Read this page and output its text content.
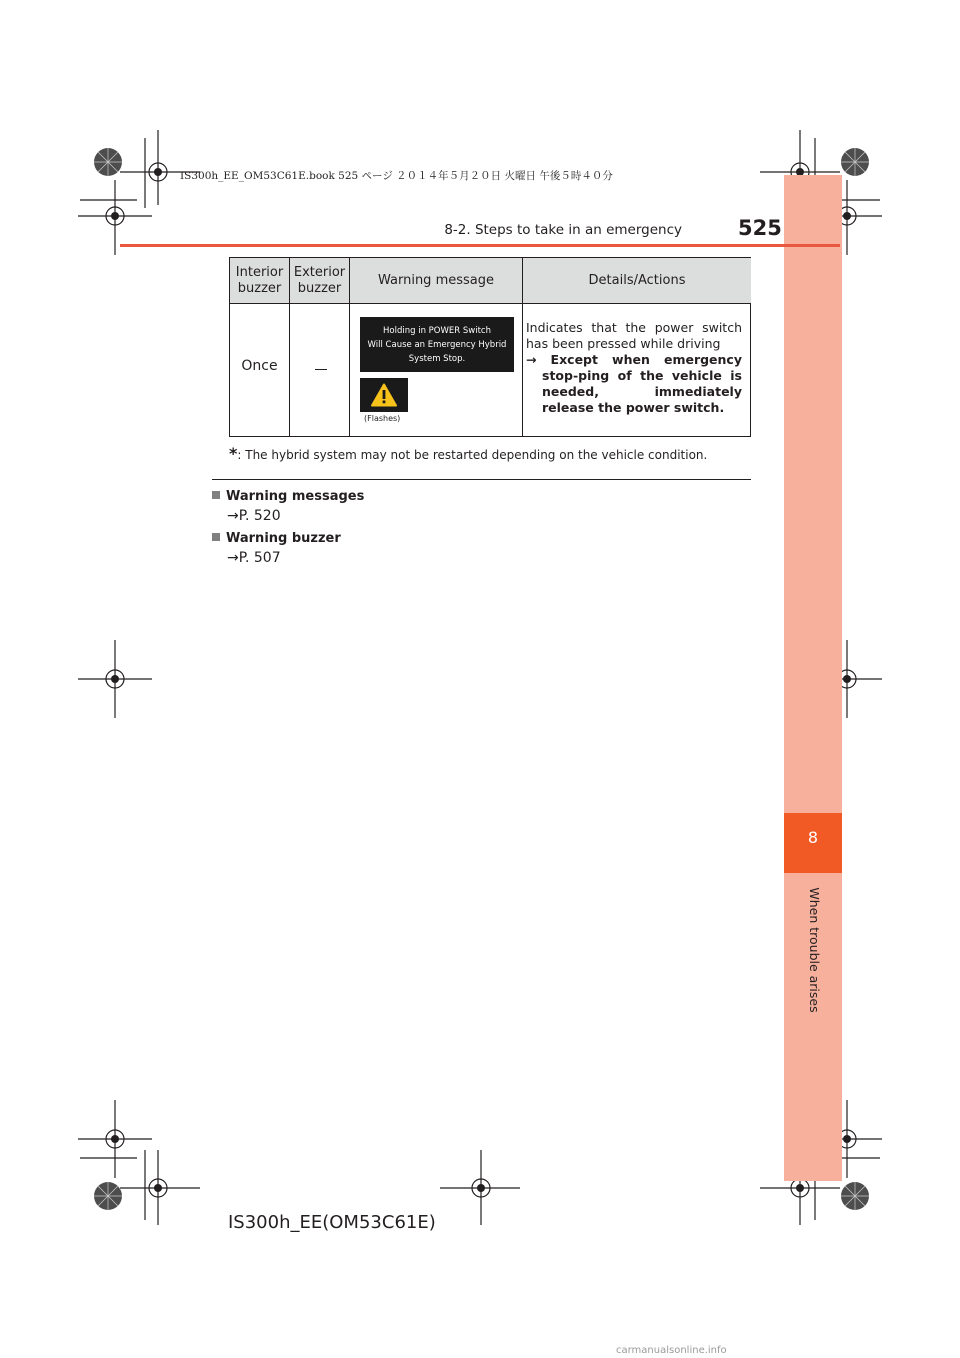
8
When trouble arises
IS300h_EE_OM53C61E.book 525 ページ ２０１４年５月２０日 火曜日 午後５時４０分
8-2. Steps to take in an emergency	525
Interior buzzer
Exterior buzzer
Warning message	Details/Actions
Once
Holding in POWER Switch
Will Cause an Emergency Hybrid
System Stop.
(Flashes)
Indicates that the power switch has been pressed while driving
→ Except when emergency stop-ping of the vehicle is needed, immediately release the power switch.
*: The hybrid system may not be restarted depending on the vehicle condition.
Warning messages
→P. 520
Warning buzzer
→P. 507
IS300h_EE(OM53C61E)
carmanualsonline.info
